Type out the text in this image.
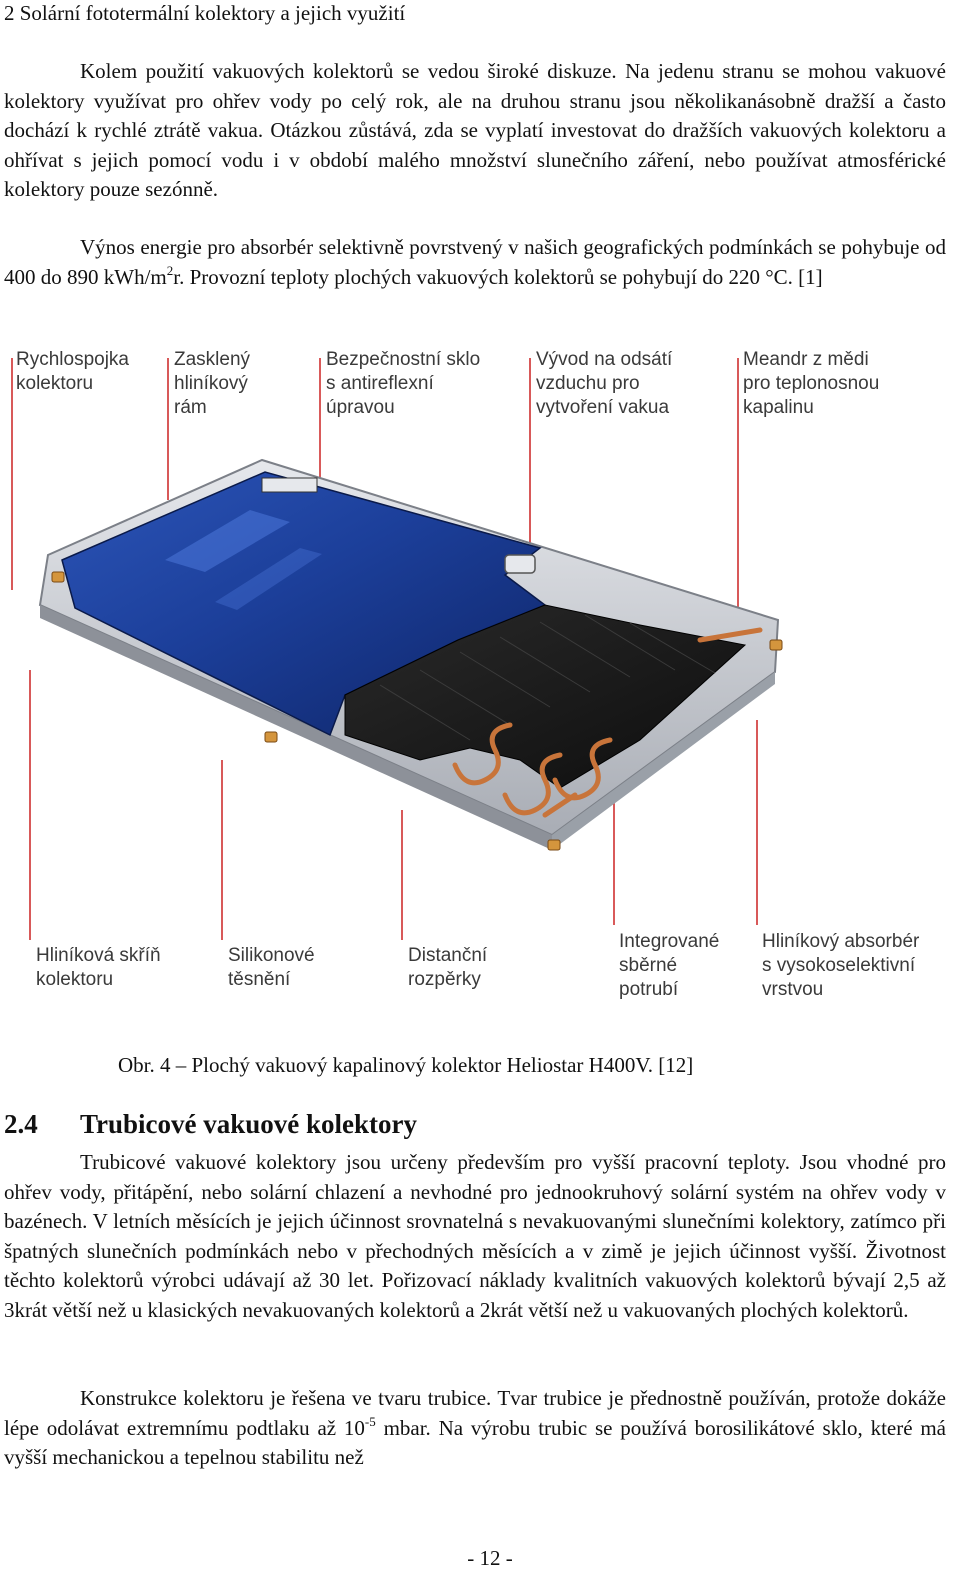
2 Solární fototermální kolektory a jejich využití

Kolem použití vakuových kolektorů se vedou široké diskuze. Na jedenu stranu se mohou vakuové kolektory využívat pro ohřev vody po celý rok, ale na druhou stranu jsou několikanásobně dražší a často dochází k rychlé ztrátě vakua. Otázkou zůstává, zda se vyplatí investovat do dražších vakuových kolektoru a ohřívat s jejich pomocí vodu i v období malého množství slunečního záření, nebo používat atmosférické kolektory pouze sezónně.

Výnos energie pro absorbér selektivně povrstvený v našich geografických podmínkách se pohybuje od 400 do 890 kWh/$m^2r$. Provozní teploty plochých vakuových kolektorů se pohybují do 220 °C. [1]

Rychlospojka
kolektoru
Zasklený
hliníkový
rám
Bezpečnostní sklo
s antireflexní
úpravou
Vývod na odsátí
vzduchu pro
vytvoření vakua
Meandr z mědi
pro teplonosnou
kapalinu
Hliníková skříň
kolektoru
Silikonové
těsnění
Distanční
rozpěrky
Integrované
sběrné
potrubí
Hliníkový absorbér
s vysokoselektivní
vrstvou
Obr. 4 – Plochý vakuový kapalinový kolektor Heliostar H400V. [12]
2.4 Trubicové vakuové kolektory

Trubicové vakuové kolektory jsou určeny především pro vyšší pracovní teploty. Jsou vhodné pro ohřev vody, přitápění, nebo solární chlazení a nevhodné pro jednookruhový solární systém na ohřev vody v bazénech. V letních měsících je jejich účinnost srovnatelná s nevakuovanými slunečními kolektory, zatímco při špatných slunečních podmínkách nebo v přechodných měsících a v zimě je jejich účinnost vyšší. Životnost těchto kolektorů výrobci udávají až 30 let. Pořizovací náklady kvalitních vakuových kolektorů bývají 2,5 až 3krát větší než u klasických nevakuovaných kolektorů a 2krát větší než u vakuovaných plochých kolektorů.

Konstrukce kolektoru je řešena ve tvaru trubice. Tvar trubice je přednostně používán, protože dokáže lépe odolávat extremnímu podtlaku až $10^{-5}$ mbar. Na výrobu trubic se používá borosilikátové sklo, které má vyšší mechanickou a tepelnou stabilitu než

- 12 -
